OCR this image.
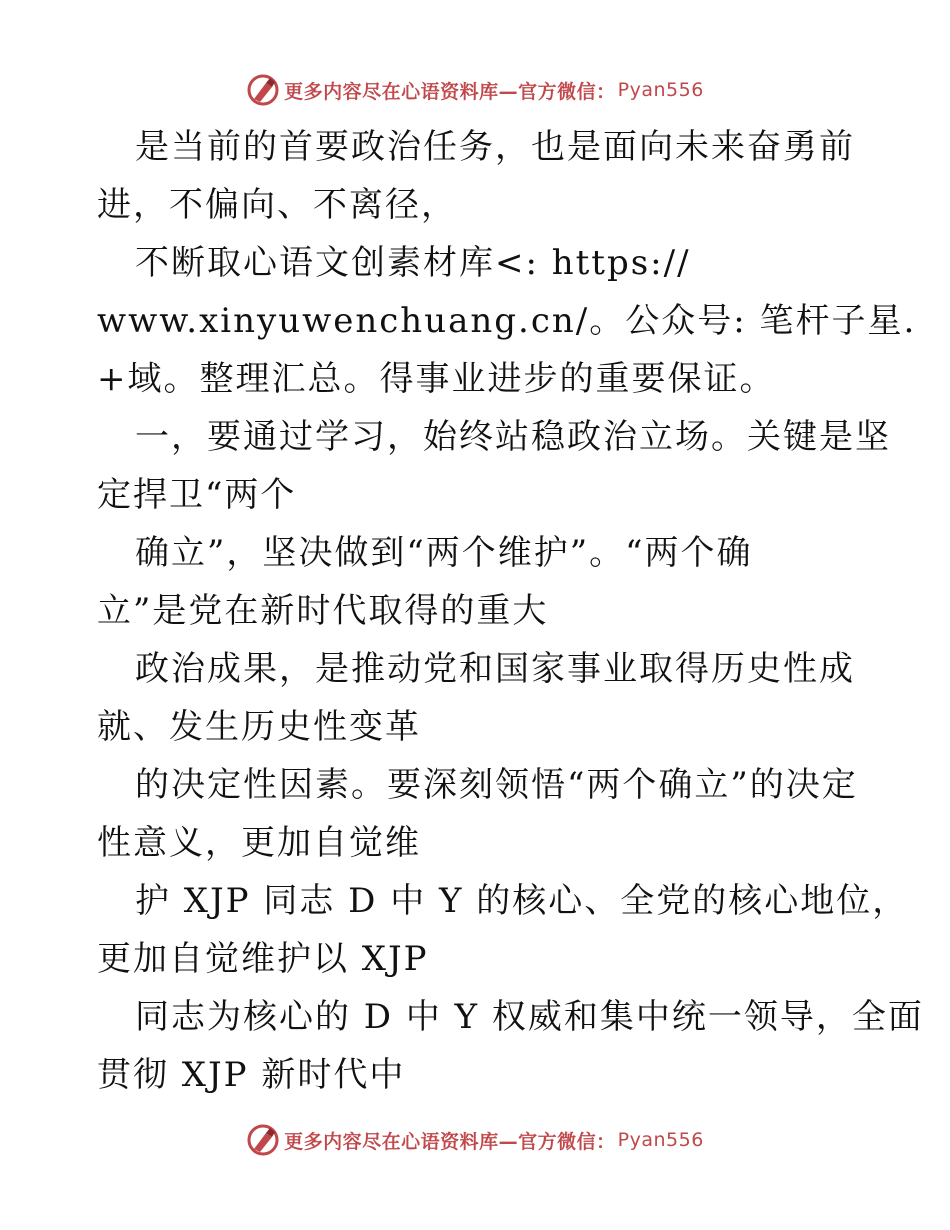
更多内容尽在心语资料库—官方微信： Pyan556
是当前的首要政治任务，也是面向未来奋勇前
进，不偏向、不离径，
不断取心语文创素材库<: https://
www.xinyuwenchuang.cn/。公众号: 笔杆子星.
+域。整理汇总。得事业进步的重要保证。
一，要通过学习，始终站稳政治立场。关键是坚
定捍卫“两个
确立”，坚决做到“两个维护”。“两个确
立”是党在新时代取得的重大
政治成果，是推动党和国家事业取得历史性成
就、发生历史性变革
的决定性因素。要深刻领悟“两个确立”的决定
性意义，更加自觉维
护 XJP 同志 D 中 Y 的核心、全党的核心地位，
更加自觉维护以 XJP
同志为核心的 D 中 Y 权威和集中统一领导，全面
贯彻 XJP 新时代中
更多内容尽在心语资料库—官方微信： Pyan556
